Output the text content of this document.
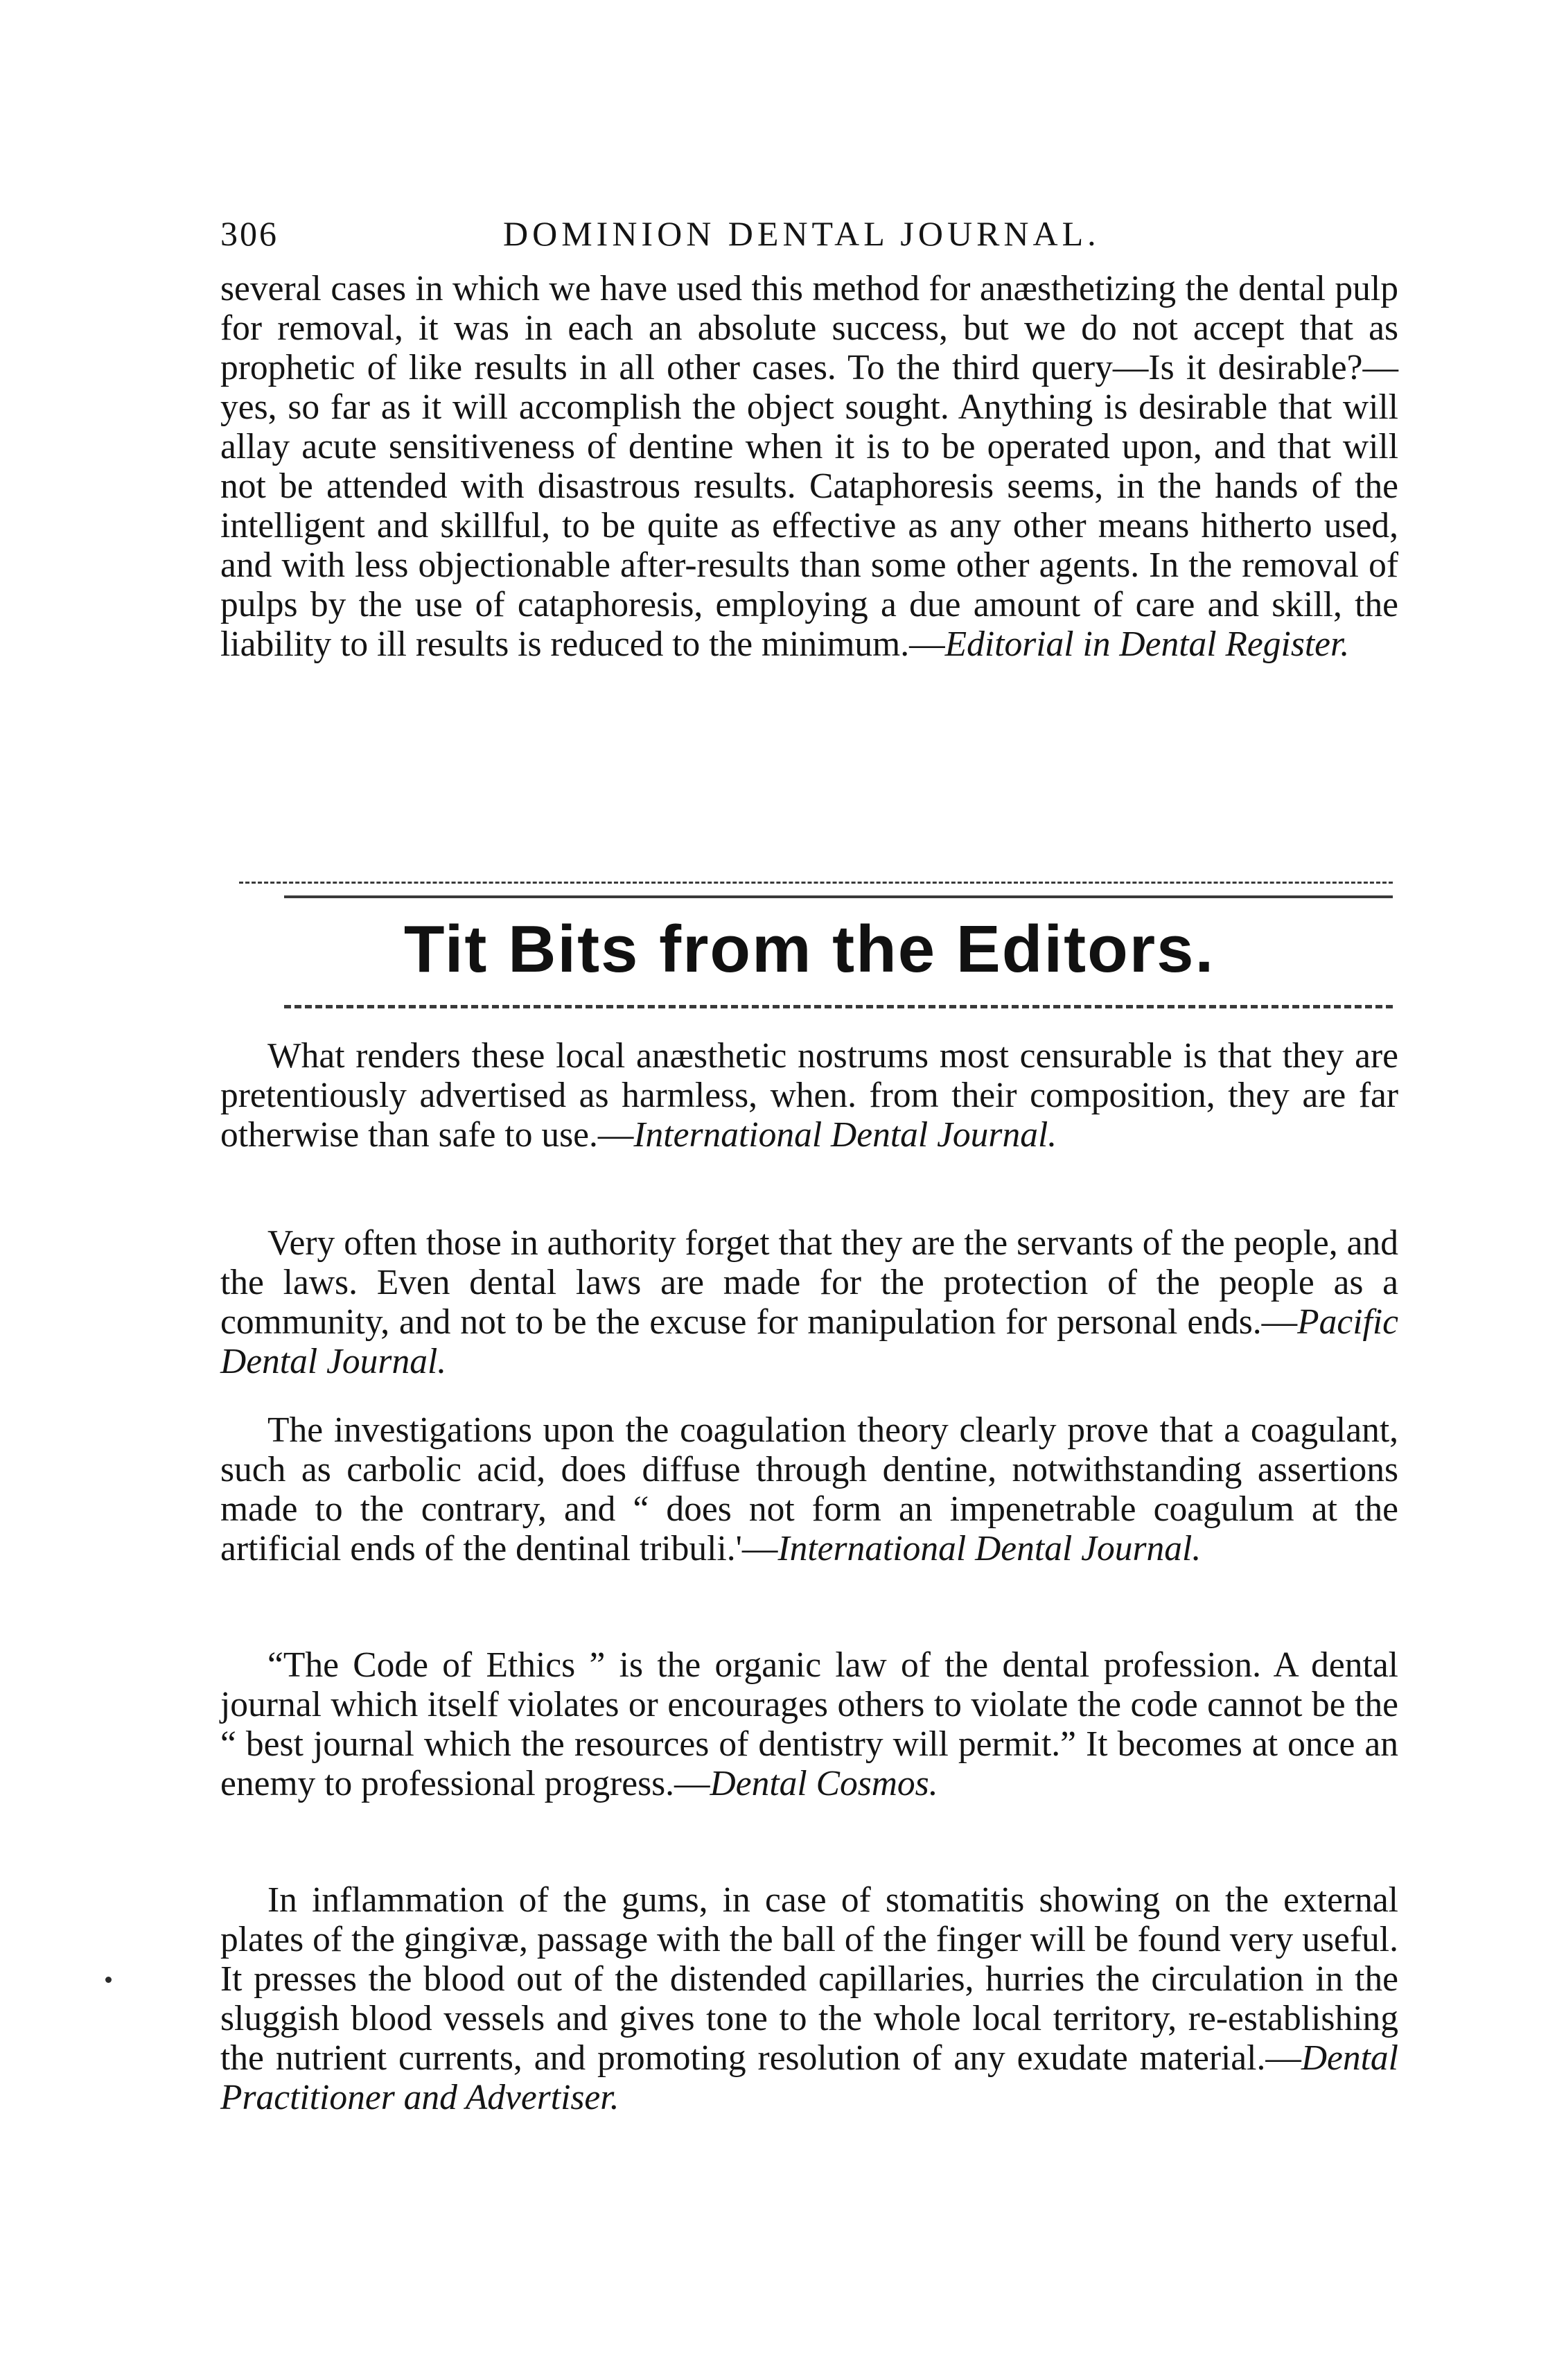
306	DOMINION DENTAL JOURNAL.

several cases in which we have used this method for anæsthetizing the dental pulp for removal, it was in each an absolute success, but we do not accept that as prophetic of like results in all other cases. To the third query—Is it desirable?—yes, so far as it will accomplish the object sought. Anything is desirable that will allay acute sensitiveness of dentine when it is to be operated upon, and that will not be attended with disastrous results. Cataphoresis seems, in the hands of the intelligent and skillful, to be quite as effective as any other means hitherto used, and with less objectionable after-results than some other agents. In the removal of pulps by the use of cataphoresis, employing a due amount of care and skill, the liability to ill results is reduced to the minimum.—Editorial in Dental Register.

Tit Bits from the Editors.

What renders these local anæsthetic nostrums most censurable is that they are pretentiously advertised as harmless, when. from their composition, they are far otherwise than safe to use.—International Dental Journal.

Very often those in authority forget that they are the servants of the people, and the laws. Even dental laws are made for the protection of the people as a community, and not to be the excuse for manipulation for personal ends.—Pacific Dental Journal.

The investigations upon the coagulation theory clearly prove that a coagulant, such as carbolic acid, does diffuse through dentine, notwithstanding assertions made to the contrary, and “ does not form an impenetrable coagulum at the artificial ends of the dentinal tribuli.'—International Dental Journal.

“The Code of Ethics ” is the organic law of the dental profession. A dental journal which itself violates or encourages others to violate the code cannot be the “ best journal which the resources of dentistry will permit.” It becomes at once an enemy to professional progress.—Dental Cosmos.

In inflammation of the gums, in case of stomatitis showing on the external plates of the gingivæ, passage with the ball of the finger will be found very useful. It presses the blood out of the distended capillaries, hurries the circulation in the sluggish blood vessels and gives tone to the whole local territory, re-establishing the nutrient currents, and promoting resolution of any exudate material.—Dental Practitioner and Advertiser.
